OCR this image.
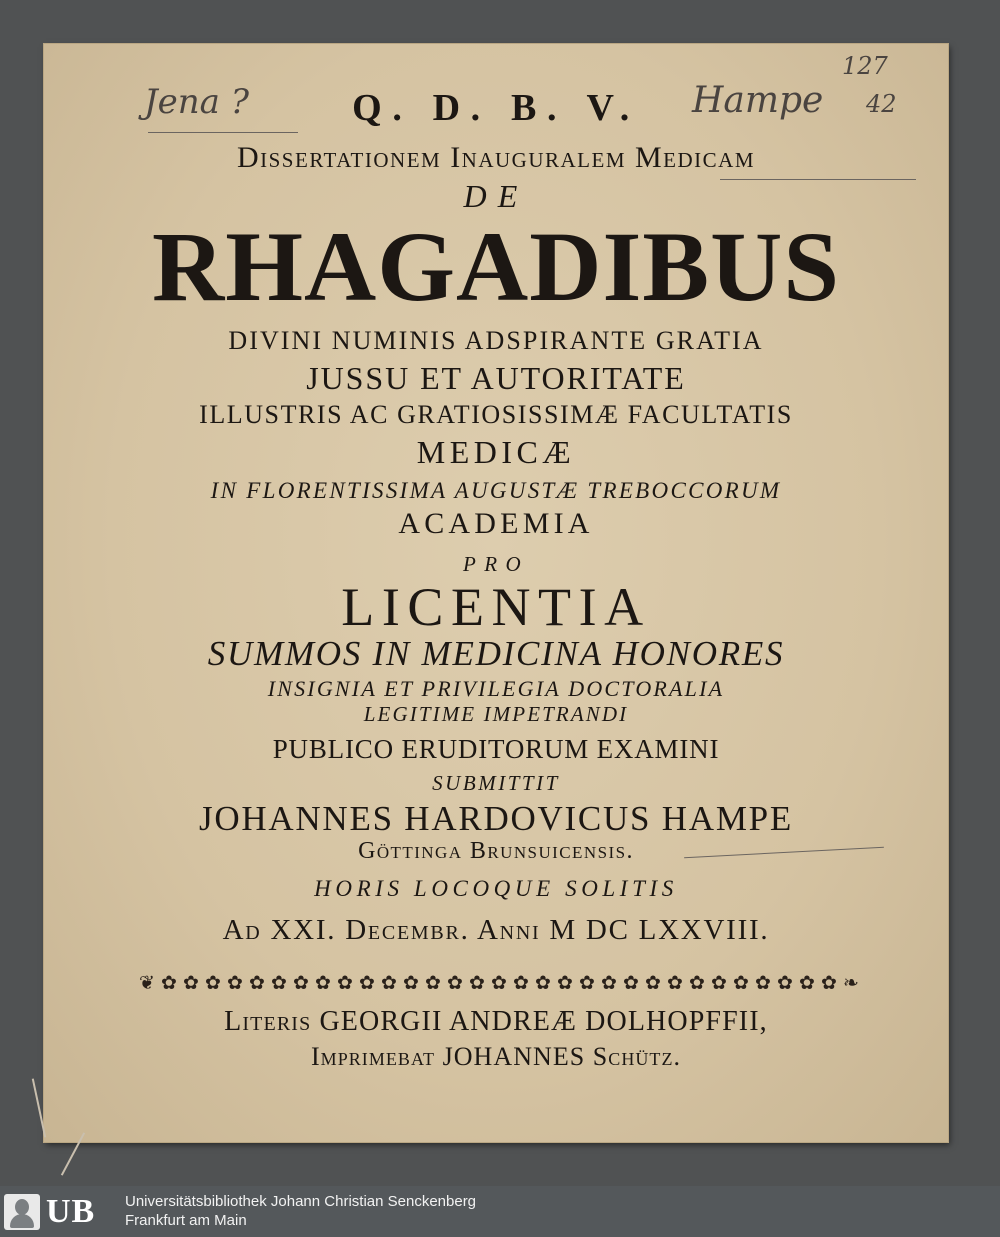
Jena ?	Hampe
127
42
Q. D. B. V.
Dissertationem Inauguralem Medicam
DE
RHAGADIBUS
DIVINI NUMINIS ADSPIRANTE GRATIA
JUSSU ET AUTORITATE
ILLUSTRIS AC GRATIOSISSIMÆ FACULTATIS
MEDICÆ
IN FLORENTISSIMA AUGUSTÆ TREBOCCORUM
ACADEMIA
PRO
LICENTIA
SUMMOS IN MEDICINA HONORES
INSIGNIA ET PRIVILEGIA DOCTORALIA
LEGITIME IMPETRANDI
PUBLICO ERUDITORUM EXAMINI
SUBMITTIT
JOHANNES HARDOVICUS HAMPE
Göttinga Brunsuicensis.
HORIS LOCOQUE SOLITIS
Ad XXI. Decembr. Anni M DC LXXVIII.
❦ ✿ ✿ ✿ ✿ ✿ ✿ ✿ ✿ ✿ ✿ ✿ ✿ ✿ ✿ ✿ ✿ ✿ ✿ ✿ ✿ ✿ ✿ ✿ ✿ ✿ ✿ ✿ ✿ ✿ ✿ ✿ ❧
Literis GEORGII ANDREÆ DOLHOPFFII,
Imprimebat JOHANNES Schütz.
UB Universitätsbibliothek Johann Christian Senckenberg
Frankfurt am Main
